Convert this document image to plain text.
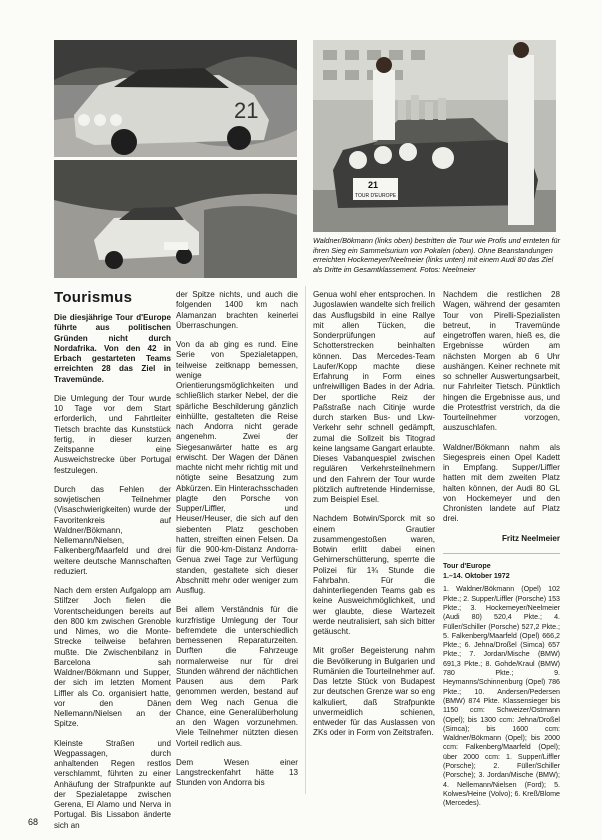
21
21
TOUR D'EUROPE
Waldner/Bökmann (links oben) bestritten die Tour wie Profis und ernteten für ihren Sieg ein Sammelsurium von Pokalen (oben). Ohne Beanstandungen erreichten Hockemeyer/Neelmeier (links unten) mit einem Audi 80 das Ziel als Dritte im Gesamtklassement. Fotos: Neelmeier
Tourismus

Die diesjährige Tour d'Europe führte aus politischen Gründen nicht durch Nordafrika. Von den 42 in Erbach gestarteten Teams erreichten 28 das Ziel in Travemünde.

Die Umlegung der Tour wurde 10 Tage vor dem Start erforderlich, und Fahrtleiter Tietsch brachte das Kunststück fertig, in dieser kurzen Zeitspanne eine Ausweichstrecke über Portugal festzulegen.

Durch das Fehlen der sowjetischen Teilnehmer (Visaschwierigkeiten) wurde der Favoritenkreis auf Waldner/Bökmann, Nellemann/Nielsen, Falkenberg/Maarfeld und drei weitere deutsche Mannschaften reduziert.

Nach dem ersten Aufgalopp am Stilfzer Joch fielen die Vorentscheidungen bereits auf den 800 km zwischen Grenoble und Nimes, wo die Monte-Strecke teilweise befahren mußte. Die Zwischenbilanz in Barcelona sah Waldner/Bökmann und Supper, der sich im letzten Moment Liffler als Co. organisiert hatte, vor den Dänen Nellemann/Nielsen an der Spitze.

Kleinste Straßen und Wegpassagen, durch anhaltenden Regen restlos verschlammt, führten zu einer Anhäufung der Strafpunkte auf der Spezialetappe zwischen Gerena, El Alamo und Nerva in Portugal. Bis Lissabon änderte sich an

der Spitze nichts, und auch die folgenden 1400 km nach Alamanzan brachten keinerlei Überraschungen.

Von da ab ging es rund. Eine Serie von Spezialetappen, teilweise zeitknapp bemessen, wenige Orientierungsmöglichkeiten und schließlich starker Nebel, der die spärliche Beschilderung gänzlich einhüllte, gestalteten die Reise nach Andorra nicht gerade angenehm. Zwei der Siegesanwärter hatte es arg erwischt. Der Wagen der Dänen machte nicht mehr richtig mit und nötigte seine Besatzung zum Abkürzen. Ein Hinterachsschaden plagte den Porsche von Supper/Liffler, und Heuser/Heuser, die sich auf den siebenten Platz geschoben hatten, streiften einen Felsen. Da für die 900-km-Distanz Andorra-Genua zwei Tage zur Verfügung standen, gestaltete sich dieser Abschnitt mehr oder weniger zum Ausflug.

Bei allem Verständnis für die kurzfristige Umlegung der Tour befremdete die unterschiedlich bemessenen Reparaturzeiten. Durften die Fahrzeuge normalerweise nur für drei Stunden während der nächtlichen Pausen aus dem Park genommen werden, bestand auf dem Weg nach Genua die Chance, eine Generalüberholung an den Wagen vorzunehmen. Viele Teilnehmer nützten diesen Vorteil redlich aus.

Dem Wesen einer Langstreckenfahrt hätte 13 Stunden von Andorra bis

Genua wohl eher entsprochen. In Jugoslawien wandelte sich freilich das Ausflugsbild in eine Rallye mit allen Tücken, die Sonderprüfungen auf Schotterstrecken beinhalten können. Das Mercedes-Team Laufer/Kopp machte diese Erfahrung in Form eines unfreiwilligen Bades in der Adria. Der sportliche Reiz der Paßstraße nach Citinje wurde durch starken Bus- und Lkw-Verkehr sehr schnell gedämpft, zumal die Sollzeit bis Titograd keine langsame Gangart erlaubte. Dieses Vabanquespiel zwischen regulären Verkehrsteilnehmern und den Fahrern der Tour wurde plötzlich auftretende Hindernisse, zum Beispiel Esel.

Nachdem Botwin/Sporck mit so einem Grautier zusammengestoßen waren, Botwin erlitt dabei einen Gehirnerschütterung, sperrte die Polizei für 1¾ Stunde die Fahrbahn. Für die dahinterliegenden Teams gab es keine Ausweichmöglichkeit, und wer glaubte, diese Wartezeit werde neutralisiert, sah sich bitter getäuscht.

Mit großer Begeisterung nahm die Bevölkerung in Bulgarien und Rumänien die Tourteilnehmer auf. Das letzte Stück von Budapest zur deutschen Grenze war so eng kalkuliert, daß Strafpunkte unvermeidlich schienen, entweder für das Auslassen von ZKs oder in Form von Zeitstrafen.

Nachdem die restlichen 28 Wagen, während der gesamten Tour von Pirelli-Spezialisten betreut, in Travemünde eingetroffen waren, hieß es, die Ergebnisse würden am nächsten Morgen ab 6 Uhr aushängen. Keiner rechnete mit so schneller Auswertungsarbeit, nur Fahrleiter Tietsch. Pünktlich hingen die Ergebnisse aus, und die Protestfrist verstrich, da die Tourteilnehmer vorzogen, auszuschlafen.

Waldner/Bökmann nahm als Siegespreis einen Opel Kadett in Empfang. Supper/Liffler hatten mit dem zweiten Platz halten können, der Audi 80 GL von Hockemeyer und den Chronisten landete auf Platz drei.

Fritz Neelmeier

Tour d'Europe
1.–14. Oktober 1972
1. Waldner/Bökmann (Opel) 102 Pkte.; 2. Supper/Liffler (Porsche) 153 Pkte.; 3. Hockemeyer/Neelmeier (Audi 80) 520,4 Pkte.; 4. Füller/Schiller (Porsche) 527,2 Pkte.; 5. Falkenberg/Maarfeld (Opel) 666,2 Pkte.; 6. Jehna/Droßel (Simca) 657 Pkte.; 7. Jordan/Mische (BMW) 691,3 Pkte.; 8. Gohde/Kraul (BMW) 780 Pkte.; 9. Heymanns/Schinnenburg (Opel) 786 Pkte.; 10. Andersen/Pedersen (BMW) 874 Pkte. Klassensieger bis 1150 ccm: Schweizer/Ostmann (Opel); bis 1300 ccm: Jehna/Droßel (Simca); bis 1600 ccm: Waldner/Bökmann (Opel); bis 2000 ccm: Falkenberg/Maarfeld (Opel); über 2000 ccm: 1. Supper/Liffler (Porsche); 2. Füller/Schiller (Porsche); 3. Jordan/Mische (BMW); 4. Nellemann/Nielsen (Ford); 5. Kolwes/Heine (Volvo); 6. Kreß/Blome (Mercedes).
68
